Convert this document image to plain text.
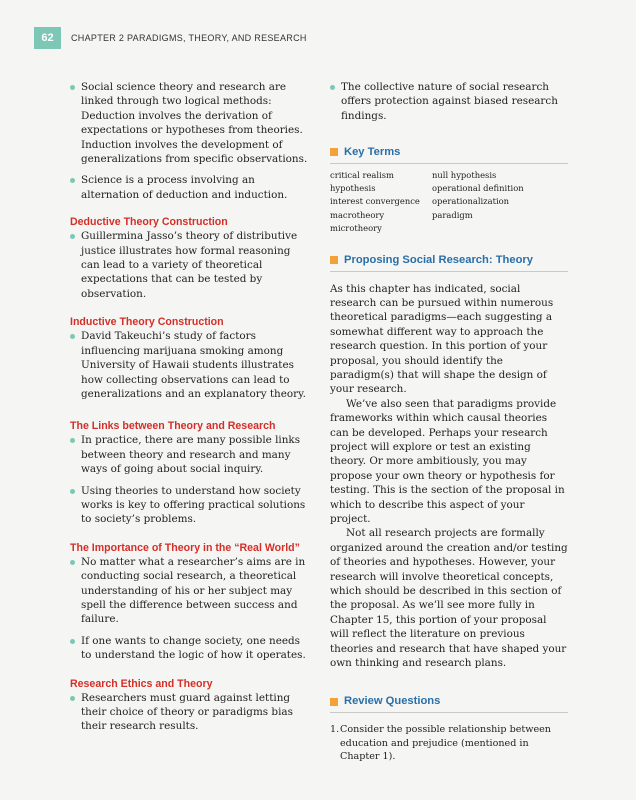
62	CHAPTER 2 PARADIGMS, THEORY, AND RESEARCH
Social science theory and research are linked through two logical methods: Deduction involves the derivation of expectations or hypotheses from theories. Induction involves the development of generalizations from specific observations.
Science is a process involving an alternation of deduction and induction.
Deductive Theory Construction
Guillermina Jasso’s theory of distributive justice illustrates how formal reasoning can lead to a variety of theoretical expectations that can be tested by observation.
Inductive Theory Construction
David Takeuchi’s study of factors influencing marijuana smoking among University of Hawaii students illustrates how collecting observations can lead to generalizations and an explanatory theory.
The Links between Theory and Research
In practice, there are many possible links between theory and research and many ways of going about social inquiry.
Using theories to understand how society works is key to offering practical solutions to society’s problems.
The Importance of Theory in the “Real World”
No matter what a researcher’s aims are in conducting social research, a theoretical understanding of his or her subject may spell the difference between success and failure.
If one wants to change society, one needs to understand the logic of how it operates.
Research Ethics and Theory
Researchers must guard against letting their choice of theory or paradigms bias their research results.
The collective nature of social research offers protection against biased research findings.
Key Terms
critical realism	null hypothesis
hypothesis	operational definition
interest convergence	operationalization
macrotheory	paradigm
microtheory
Proposing Social Research: Theory

As this chapter has indicated, social research can be pursued within numerous theoretical paradigms—each suggesting a somewhat different way to approach the research question. In this portion of your proposal, you should identify the paradigm(s) that will shape the design of your research.

We’ve also seen that paradigms provide frameworks within which causal theories can be developed. Perhaps your research project will explore or test an existing theory. Or more ambitiously, you may propose your own theory or hypothesis for testing. This is the section of the proposal in which to describe this aspect of your project.

Not all research projects are formally organized around the creation and/or testing of theories and hypotheses. However, your research will involve theoretical concepts, which should be described in this section of the proposal. As we’ll see more fully in Chapter 15, this portion of your proposal will reflect the literature on previous theories and research that have shaped your own thinking and research plans.

Review Questions
1. Consider the possible relationship between education and prejudice (mentioned in Chapter 1).
